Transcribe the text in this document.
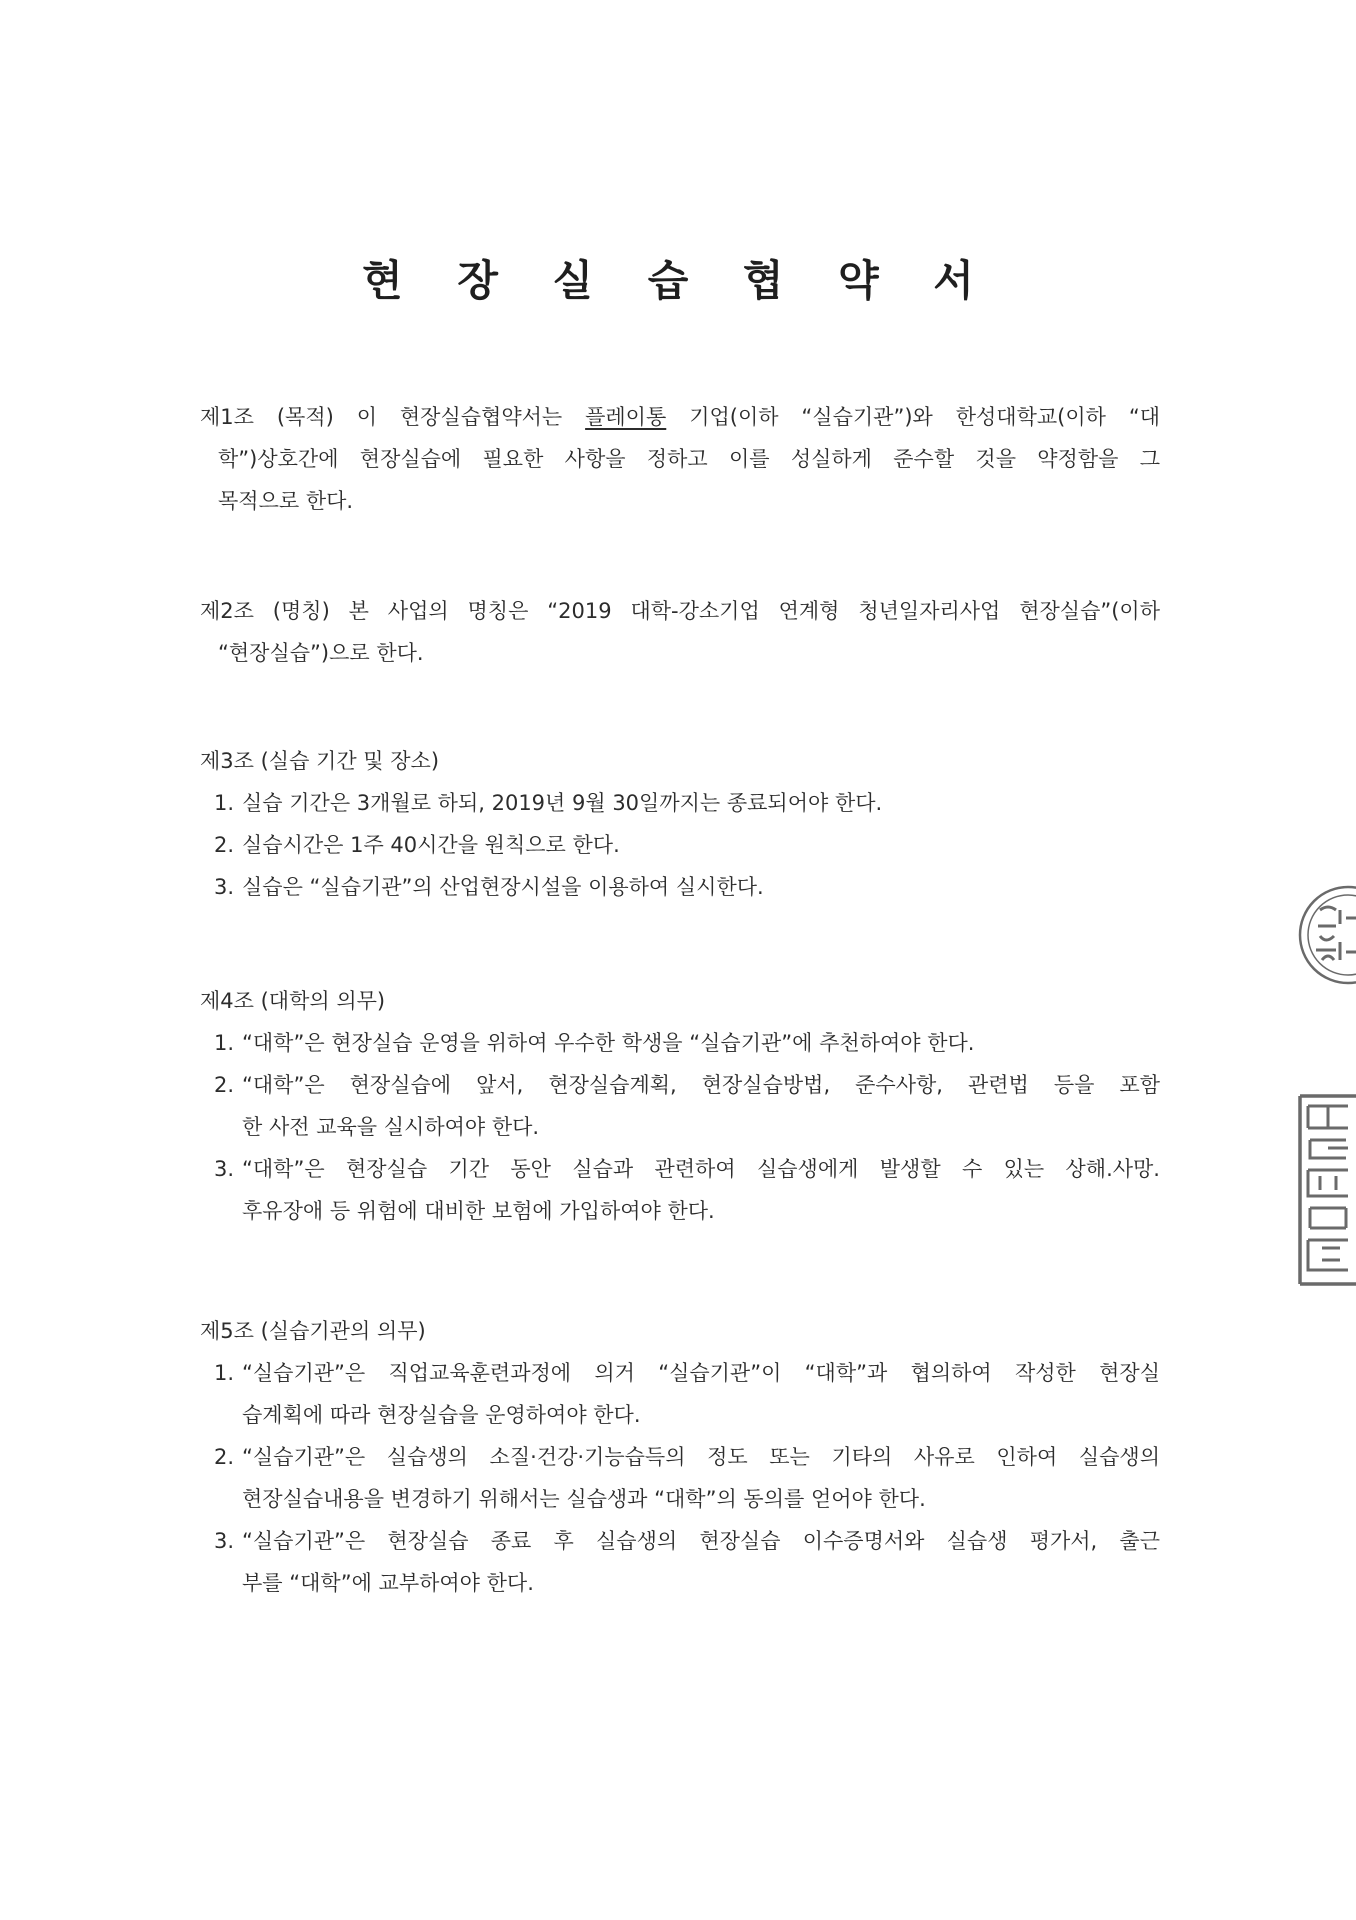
현 장 실 습 협 약 서
제1조 (목적) 이 현장실습협약서는 플레이통 기업(이하 “실습기관”)와 한성대학교(이하 “대
학”)상호간에 현장실습에 필요한 사항을 정하고 이를 성실하게 준수할 것을 약정함을 그
목적으로 한다.
제2조 (명칭) 본 사업의 명칭은 “2019 대학-강소기업 연계형 청년일자리사업 현장실습”(이하
“현장실습”)으로 한다.
제3조 (실습 기간 및 장소)
1. 실습 기간은 3개월로 하되, 2019년 9월 30일까지는 종료되어야 한다.
2. 실습시간은 1주 40시간을 원칙으로 한다.
3. 실습은 “실습기관”의 산업현장시설을 이용하여 실시한다.
제4조 (대학의 의무)
1. “대학”은 현장실습 운영을 위하여 우수한 학생을 “실습기관”에 추천하여야 한다.
2. “대학”은 현장실습에 앞서, 현장실습계획, 현장실습방법, 준수사항, 관련법 등을 포함
한 사전 교육을 실시하여야 한다.
3. “대학”은 현장실습 기간 동안 실습과 관련하여 실습생에게 발생할 수 있는 상해.사망.
후유장애 등 위험에 대비한 보험에 가입하여야 한다.
제5조 (실습기관의 의무)
1. “실습기관”은 직업교육훈련과정에 의거 “실습기관”이 “대학”과 협의하여 작성한 현장실
습계획에 따라 현장실습을 운영하여야 한다.
2. “실습기관”은 실습생의 소질·건강·기능습득의 정도 또는 기타의 사유로 인하여 실습생의
현장실습내용을 변경하기 위해서는 실습생과 “대학”의 동의를 얻어야 한다.
3. “실습기관”은 현장실습 종료 후 실습생의 현장실습 이수증명서와 실습생 평가서, 출근
부를 “대학”에 교부하여야 한다.
